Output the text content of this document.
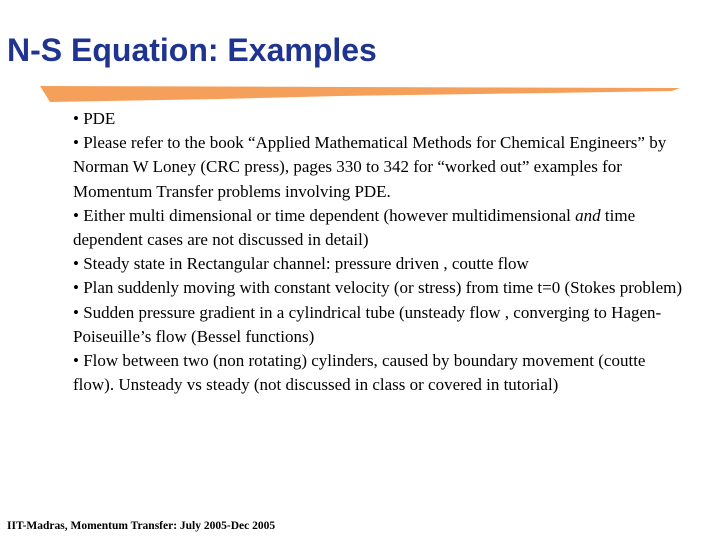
N-S Equation: Examples

• PDE

• Please refer to the book “Applied Mathematical Methods for Chemical Engineers” by Norman W Loney (CRC press), pages 330 to 342 for “worked out” examples for Momentum Transfer problems involving PDE.

• Either multi dimensional or time dependent (however multidimensional and time dependent cases are not discussed in detail)

• Steady state in Rectangular channel: pressure driven , coutte flow

• Plan suddenly moving with constant velocity (or stress) from time t=0 (Stokes problem)

• Sudden pressure gradient in a cylindrical tube (unsteady flow , converging to Hagen-Poiseuille’s flow (Bessel functions)

• Flow between two (non rotating) cylinders, caused by boundary movement (coutte flow). Unsteady vs steady (not discussed in class or covered in tutorial)

IIT-Madras, Momentum Transfer: July 2005-Dec 2005
